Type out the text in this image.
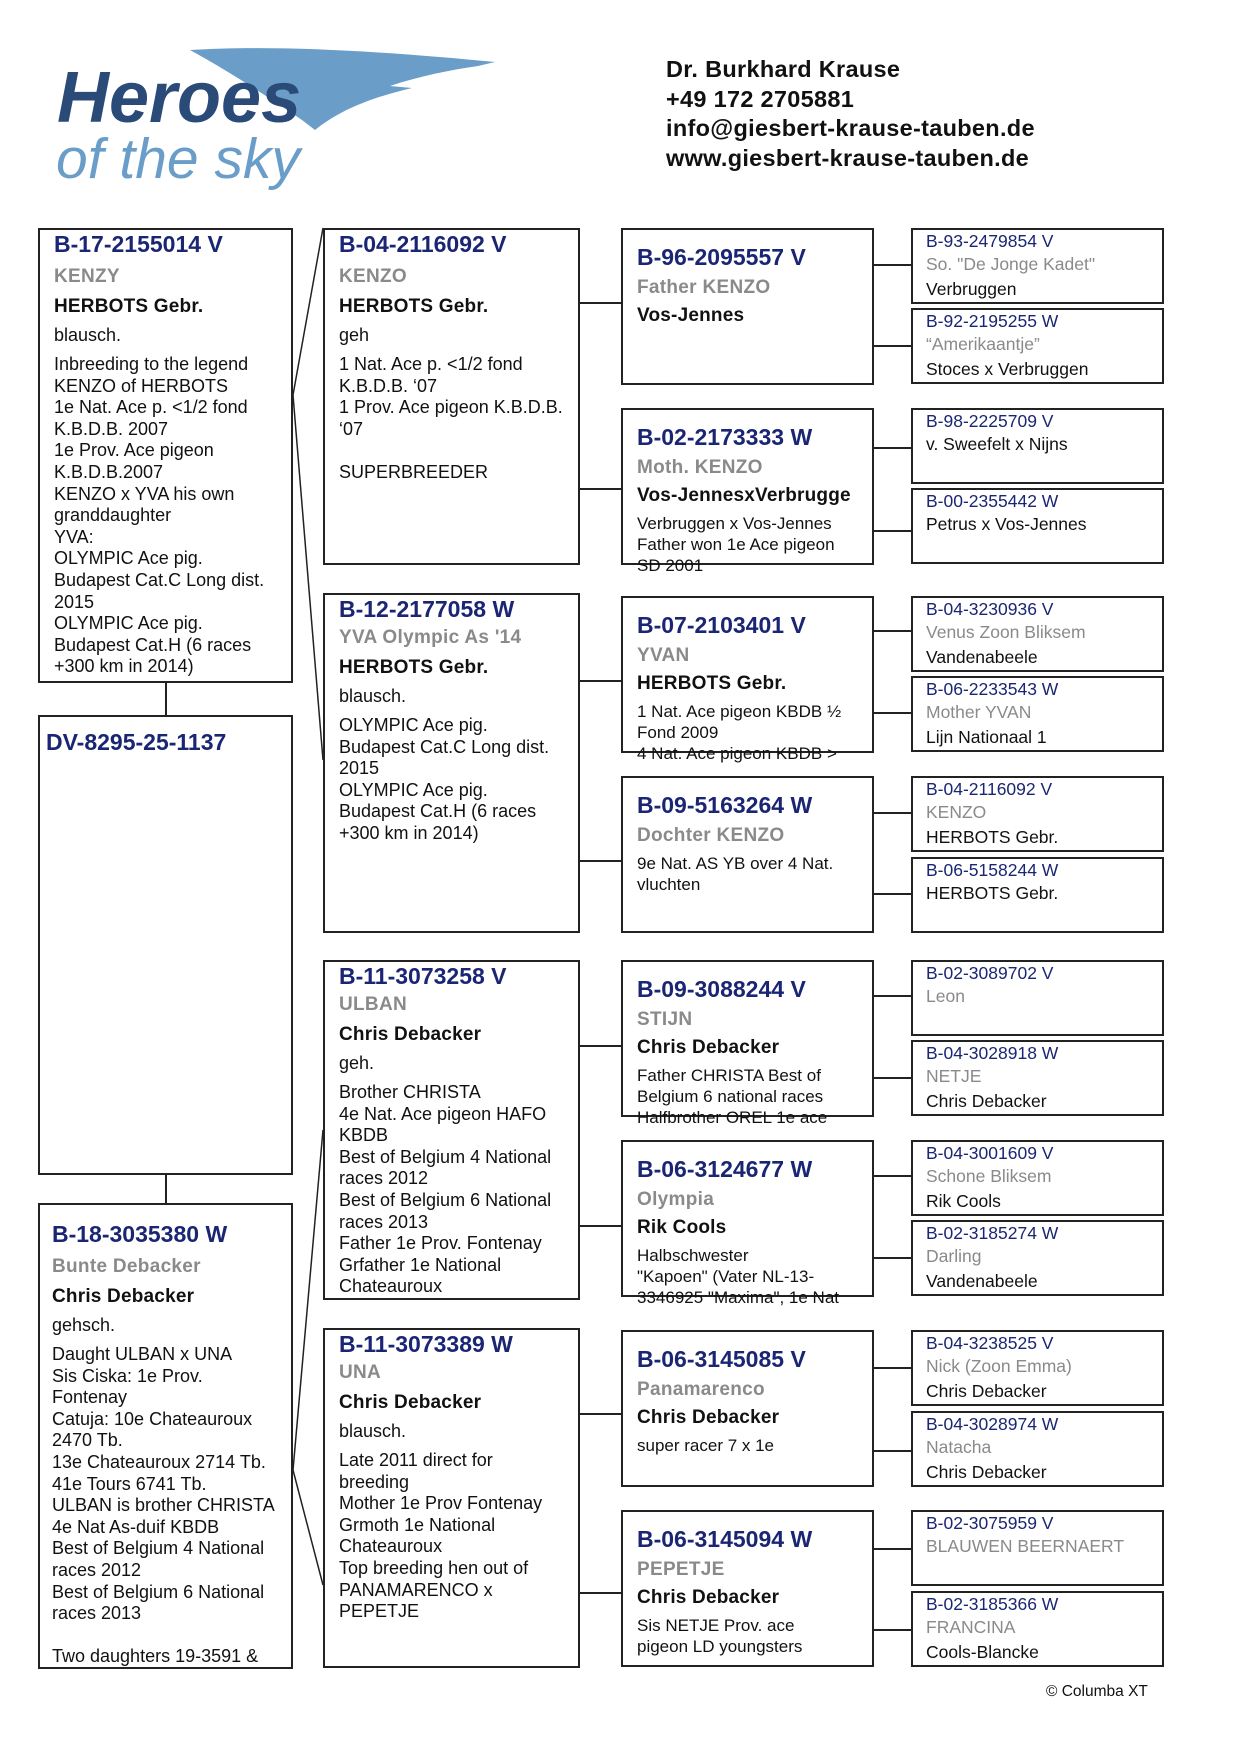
Heroes
of the sky
Dr. Burkhard Krause
+49 172 2705881
info@giesbert-krause-tauben.de
www.giesbert-krause-tauben.de
B-17-2155014 V
KENZY
HERBOTS Gebr.
blausch.
Inbreeding to the legend
KENZO of HERBOTS
1e Nat. Ace p. <1/2 fond
K.B.D.B. 2007
1e Prov. Ace pigeon
K.B.D.B.2007
KENZO x YVA his own
granddaughter
YVA:
OLYMPIC Ace pig.
Budapest Cat.C Long dist.
2015
OLYMPIC Ace pig.
Budapest Cat.H (6 races
+300 km in 2014)
DV-8295-25-1137
B-18-3035380 W
Bunte Debacker
Chris Debacker
gehsch.
Daught ULBAN x UNA
Sis Ciska: 1e Prov.
Fontenay
Catuja: 10e Chateauroux
2470 Tb.
13e Chateauroux 2714 Tb.
41e Tours 6741 Tb.
ULBAN is brother CHRISTA
4e Nat As-duif KBDB
Best of Belgium 4 National
races 2012
Best of Belgium 6 National
races 2013

Two daughters 19-3591 &
B-04-2116092 V
KENZO
HERBOTS Gebr.
geh
1 Nat. Ace p. <1/2 fond
K.B.D.B. ‘07
1 Prov. Ace pigeon K.B.D.B.
‘07

SUPERBREEDER
B-12-2177058 W
YVA Olympic As '14
HERBOTS Gebr.
blausch.
OLYMPIC Ace pig.
Budapest Cat.C Long dist.
2015
OLYMPIC Ace pig.
Budapest Cat.H (6 races
+300 km in 2014)
B-11-3073258 V
ULBAN
Chris Debacker
geh.
Brother CHRISTA
4e Nat. Ace pigeon HAFO
KBDB
Best of Belgium 4 National
races 2012
Best of Belgium 6 National
races 2013
Father 1e Prov. Fontenay
Grfather 1e National
Chateauroux
B-11-3073389 W
UNA
Chris Debacker
blausch.
Late 2011 direct for
breeding
Mother 1e Prov Fontenay
Grmoth 1e National
Chateauroux
Top breeding hen out of
PANAMARENCO x
PEPETJE
B-96-2095557 V
Father KENZO
Vos-Jennes
B-02-2173333 W
Moth. KENZO
Vos-JennesxVerbrugge
Verbruggen x Vos-Jennes
Father won 1e Ace pigeon
SD 2001
B-07-2103401 V
YVAN
HERBOTS Gebr.
1 Nat. Ace pigeon KBDB ½
Fond 2009
4 Nat. Ace pigeon KBDB >
B-09-5163264 W
Dochter KENZO
9e Nat. AS YB over 4 Nat.
vluchten
B-09-3088244 V
STIJN
Chris Debacker
Father CHRISTA Best of
Belgium 6 national races
Halfbrother OREL 1e ace
B-06-3124677 W
Olympia
Rik Cools
Halbschwester
"Kapoen" (Vater NL-13-
3346925 "Maxima", 1e Nat
B-06-3145085 V
Panamarenco
Chris Debacker
super racer 7 x 1e
B-06-3145094 W
PEPETJE
Chris Debacker
Sis NETJE Prov. ace
pigeon LD youngsters
B-93-2479854 V
So. "De Jonge Kadet"
Verbruggen
B-92-2195255 W
“Amerikaantje”
Stoces x Verbruggen
B-98-2225709 V
v. Sweefelt x Nijns
B-00-2355442 W
Petrus x Vos-Jennes
B-04-3230936 V
Venus Zoon Bliksem
Vandenabeele
B-06-2233543 W
Mother YVAN
Lijn Nationaal 1
B-04-2116092 V
KENZO
HERBOTS Gebr.
B-06-5158244 W
HERBOTS Gebr.
B-02-3089702 V
Leon
B-04-3028918 W
NETJE
Chris Debacker
B-04-3001609 V
Schone Bliksem
Rik Cools
B-02-3185274 W
Darling
Vandenabeele
B-04-3238525 V
Nick (Zoon Emma)
Chris Debacker
B-04-3028974 W
Natacha
Chris Debacker
B-02-3075959 V
BLAUWEN BEERNAERT
B-02-3185366 W
FRANCINA
Cools-Blancke
© Columba XT
